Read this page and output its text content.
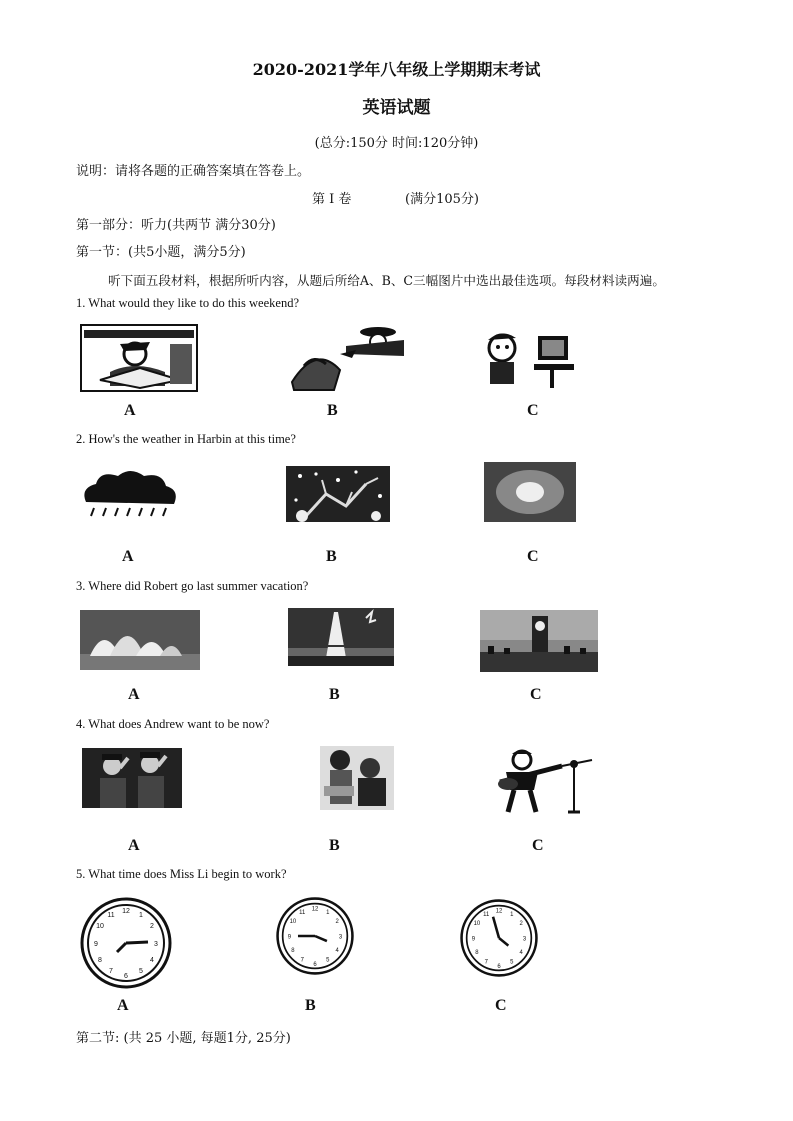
2020-2021学年八年级上学期期末考试
英语试题
(总分:150分 时间:120分钟)
说明：请将各题的正确答案填在答卷上。
第 I 卷	(满分105分)
第一部分：听力(共两节 满分30分)
第一节：(共5小题，满分5分)
听下面五段材料，根据所听内容，从题后所给A、B、C三幅图片中选出最佳选项。每段材料读两遍。
1. What would they like to do this weekend?
A	B	C
2. How's the weather in Harbin at this time?
A	B	C
3. Where did Robert go last summer vacation?
A	B	C
4. What does Andrew want to be now?
A	B	C
5. What time does Miss Li begin to work?
12
1
2
3
4
5
6
7
8
9
10
11
12
1
2
3
4
5
6
7
8
9
10
11	12
1
2
3
4
5
6
7
8
9
10
11
A	B	C
第二节: (共 25 小题, 每题1分, 25分)
